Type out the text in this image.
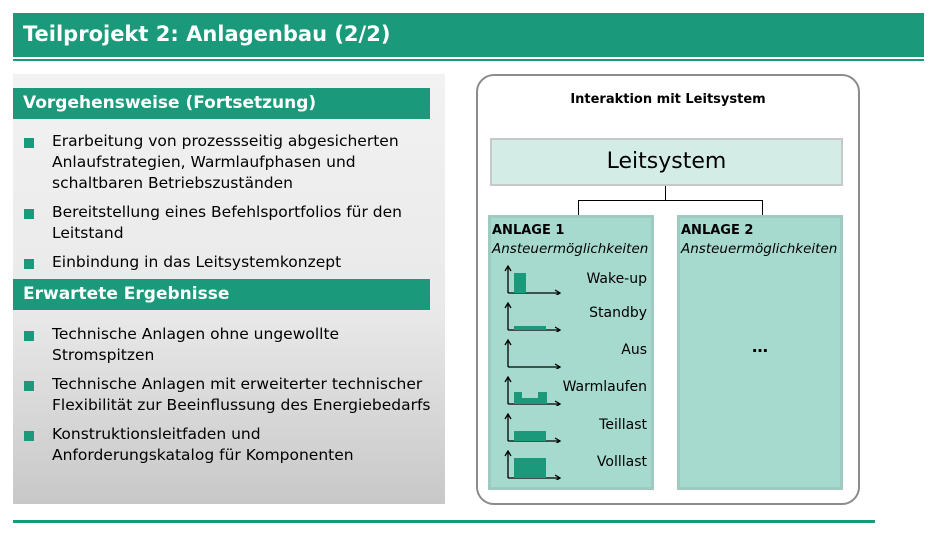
Teilprojekt 2: Anlagenbau (2/2)
Vorgehensweise (Fortsetzung)
Erarbeitung von prozessseitig abgesicherten
Anlaufstrategien, Warmlaufphasen und
schaltbaren Betriebszuständen
Bereitstellung eines Befehlsportfolios für den
Leitstand
Einbindung in das Leitsystemkonzept
Erwartete Ergebnisse
Technische Anlagen ohne ungewollte
Stromspitzen
Technische Anlagen mit erweiterter technischer
Flexibilität zur Beeinflussung des Energiebedarfs
Konstruktionsleitfaden und
Anforderungskatalog für Komponenten
Interaktion mit Leitsystem
Leitsystem
ANLAGE 1
Ansteuermöglichkeiten
ANLAGE 2
Ansteuermöglichkeiten
…
Wake-up
Standby
Aus
Warmlaufen
Teillast
Volllast
